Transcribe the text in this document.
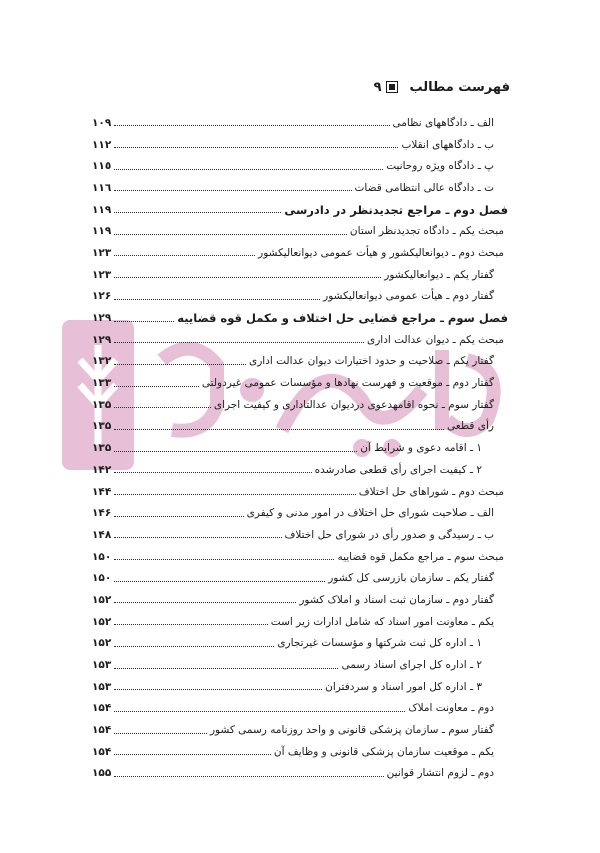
فهرست مطالب
٩
الف ـ دادگاههای نظامی
١٠٩
ب ـ دادگاههای انقلاب
١١٢
پ ـ دادگاه ویژه روحانیت
١١٥
ت ـ دادگاه عالی انتظامی قضات
١١٦
فصل دوم ـ مراجع تجدیدنظر در دادرسی
١١٩
مبحث یکم ـ دادگاه تجدیدنظر استان
١١٩
مبحث دوم ـ دیوانعالیکشور و هیأت عمومی دیوانعالیکشور
١٢٣
گفتار یکم ـ دیوانعالیکشور
١٢٣
گفتار دوم ـ هیأت عمومی دیوانعالیکشور
١٢۶
فصل سوم ـ مراجع قضایی حل اختلاف و مکمل قوه قضاییه
١٢٩
مبحث یکم ـ دیوان عدالت اداری
١٢٩
گفتار یکم ـ صلاحیت و حدود اختیارات دیوان عدالت اداری
١٣٢
گفتار دوم ـ موقعیت و فهرست نهادها و مؤسسات عمومی غیردولتی
١٣٣
گفتار سوم ـ نحوه اقامهدعوی دردیوان عدالتاداری و کیفیت اجرای
١٣۵
رأی قطعی
١٣۵
١ ـ اقامه دعوی و شرایط آن
١٣۵
٢ ـ کیفیت اجرای رأی قطعی صادرشده
١۴٢
مبحث دوم ـ شوراهای حل اختلاف
١۴۴
الف ـ صلاحیت شورای حل اختلاف در امور مدنی و کیفری
١۴۶
ب ـ رسیدگی و صدور رأی در شورای حل اختلاف
١۴٨
مبحث سوم ـ مراجع مکمل قوه قضاییه
١۵٠
گفتار یکم ـ سازمان بازرسی کل کشور
١۵٠
گفتار دوم ـ سازمان ثبت اسناد و املاک کشور
١۵٢
یکم ـ معاونت امور اسناد که شامل ادارات زیر است
١۵٢
١ ـ اداره کل ثبت شرکتها و مؤسسات غیرتجاری
١۵٢
٢ ـ اداره کل اجرای اسناد رسمی
١۵٣
٣ ـ اداره کل امور اسناد و سردفتران
١۵٣
دوم ـ معاونت املاک
١۵۴
گفتار سوم ـ سازمان پزشکی قانونی و واحد روزنامه رسمی کشور
١۵۴
یکم ـ موقعیت سازمان پزشکی قانونی و وظایف آن
١۵۴
دوم ـ لزوم انتشار قوانین
١۵۵
